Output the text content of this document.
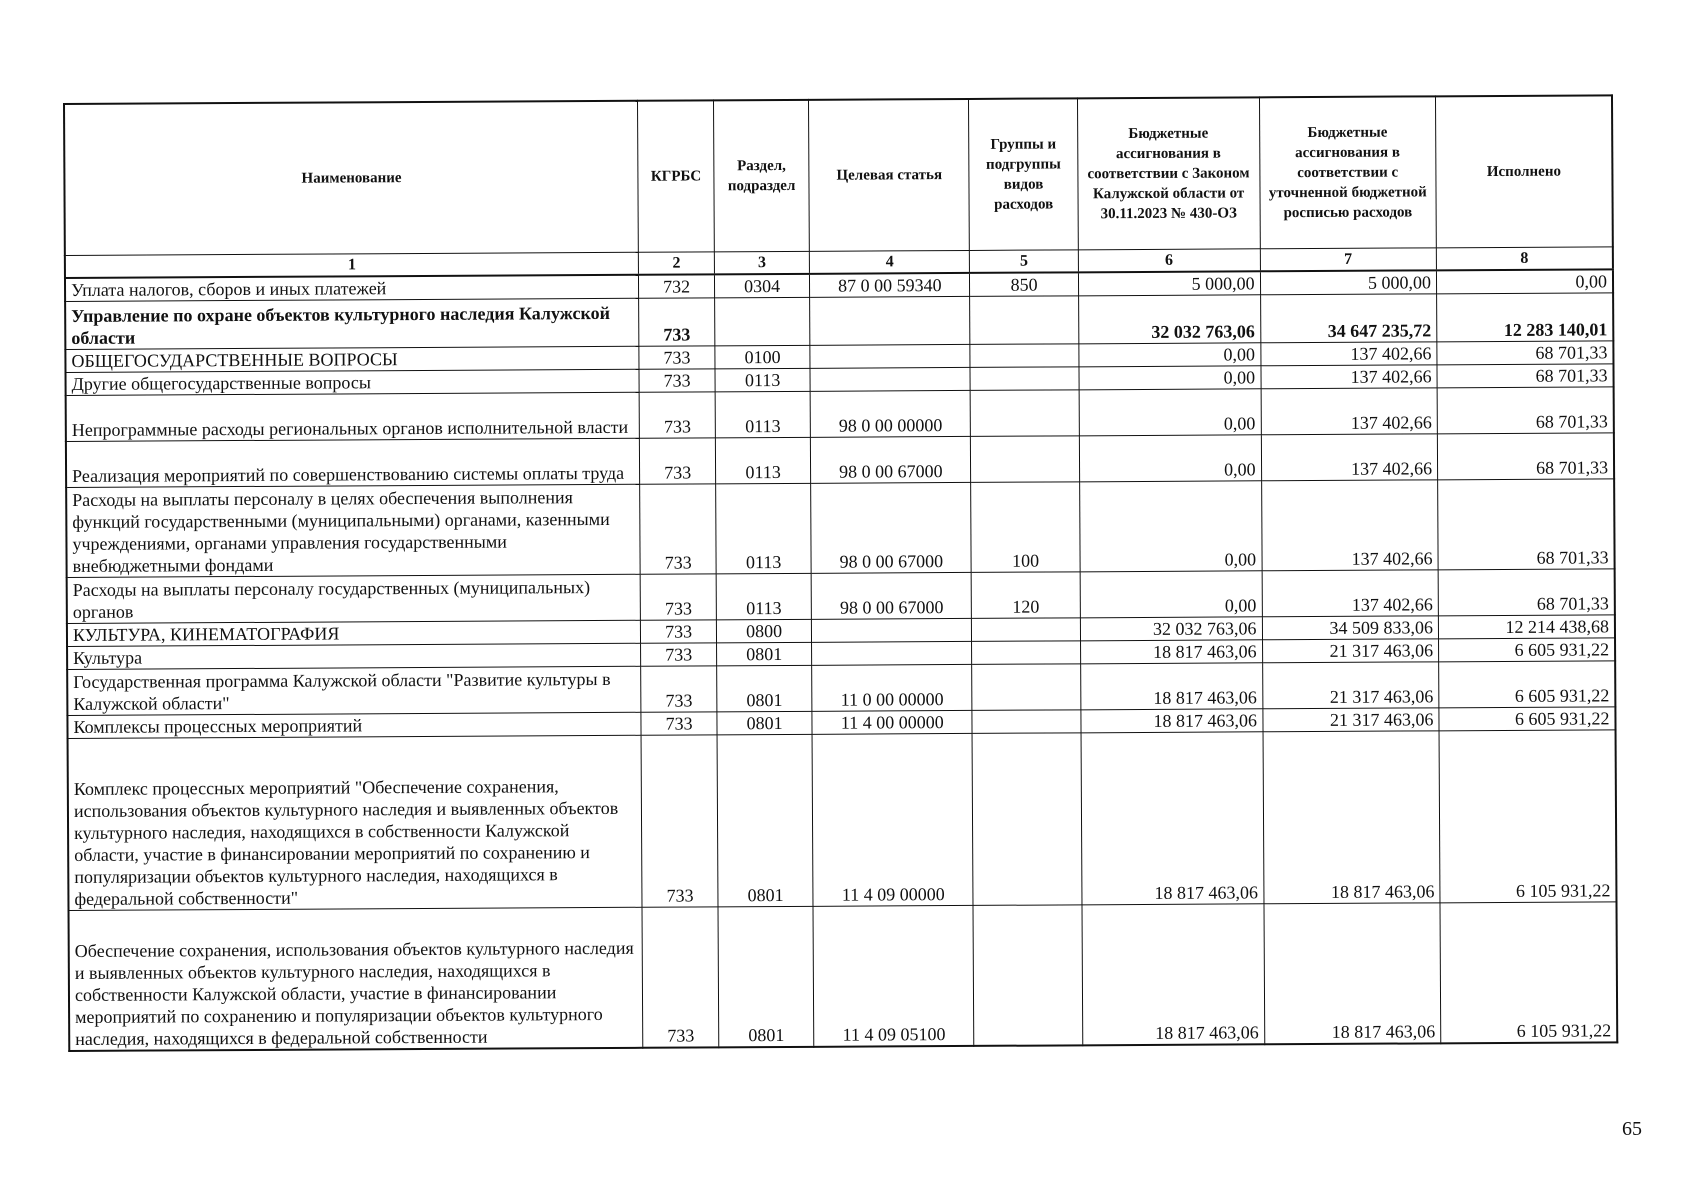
Наименование	КГРБС	Раздел, подраздел	Целевая статья	Группы и подгруппы видов расходов	Бюджетные ассигнования в соответствии с Законом Калужской области от 30.11.2023 № 430-ОЗ	Бюджетные ассигнования в соответствии с уточненной бюджетной росписью расходов	Исполнено
1	2	3	4	5	6	7	8
Уплата налогов, сборов и иных платежей	732	0304	87 0 00 59340	850	5 000,00	5 000,00	0,00
Управление по охране объектов культурного наследия Калужской области	733				32 032 763,06	34 647 235,72	12 283 140,01
ОБЩЕГОСУДАРСТВЕННЫЕ ВОПРОСЫ	733	0100			0,00	137 402,66	68 701,33
Другие общегосударственные вопросы	733	0113			0,00	137 402,66	68 701,33
Непрограммные расходы региональных органов исполнительной власти	733	0113	98 0 00 00000		0,00	137 402,66	68 701,33
Реализация мероприятий по совершенствованию системы оплаты труда	733	0113	98 0 00 67000		0,00	137 402,66	68 701,33
Расходы на выплаты персоналу в целях обеспечения выполнения функций государственными (муниципальными) органами, казенными учреждениями, органами управления государственными внебюджетными фондами	733	0113	98 0 00 67000	100	0,00	137 402,66	68 701,33
Расходы на выплаты персоналу государственных (муниципальных) органов	733	0113	98 0 00 67000	120	0,00	137 402,66	68 701,33
КУЛЬТУРА, КИНЕМАТОГРАФИЯ	733	0800			32 032 763,06	34 509 833,06	12 214 438,68
Культура	733	0801			18 817 463,06	21 317 463,06	6 605 931,22
Государственная программа Калужской области "Развитие культуры в Калужской области"	733	0801	11 0 00 00000		18 817 463,06	21 317 463,06	6 605 931,22
Комплексы процессных мероприятий	733	0801	11 4 00 00000		18 817 463,06	21 317 463,06	6 605 931,22
Комплекс процессных мероприятий "Обеспечение сохранения, использования объектов культурного наследия и выявленных объектов культурного наследия, находящихся в собственности Калужской области, участие в финансировании мероприятий по сохранению и популяризации объектов культурного наследия, находящихся в федеральной собственности"	733	0801	11 4 09 00000		18 817 463,06	18 817 463,06	6 105 931,22
Обеспечение сохранения, использования объектов культурного наследия и выявленных объектов культурного наследия, находящихся в собственности Калужской области, участие в финансировании мероприятий по сохранению и популяризации объектов культурного наследия, находящихся в федеральной собственности	733	0801	11 4 09 05100		18 817 463,06	18 817 463,06	6 105 931,22
65
